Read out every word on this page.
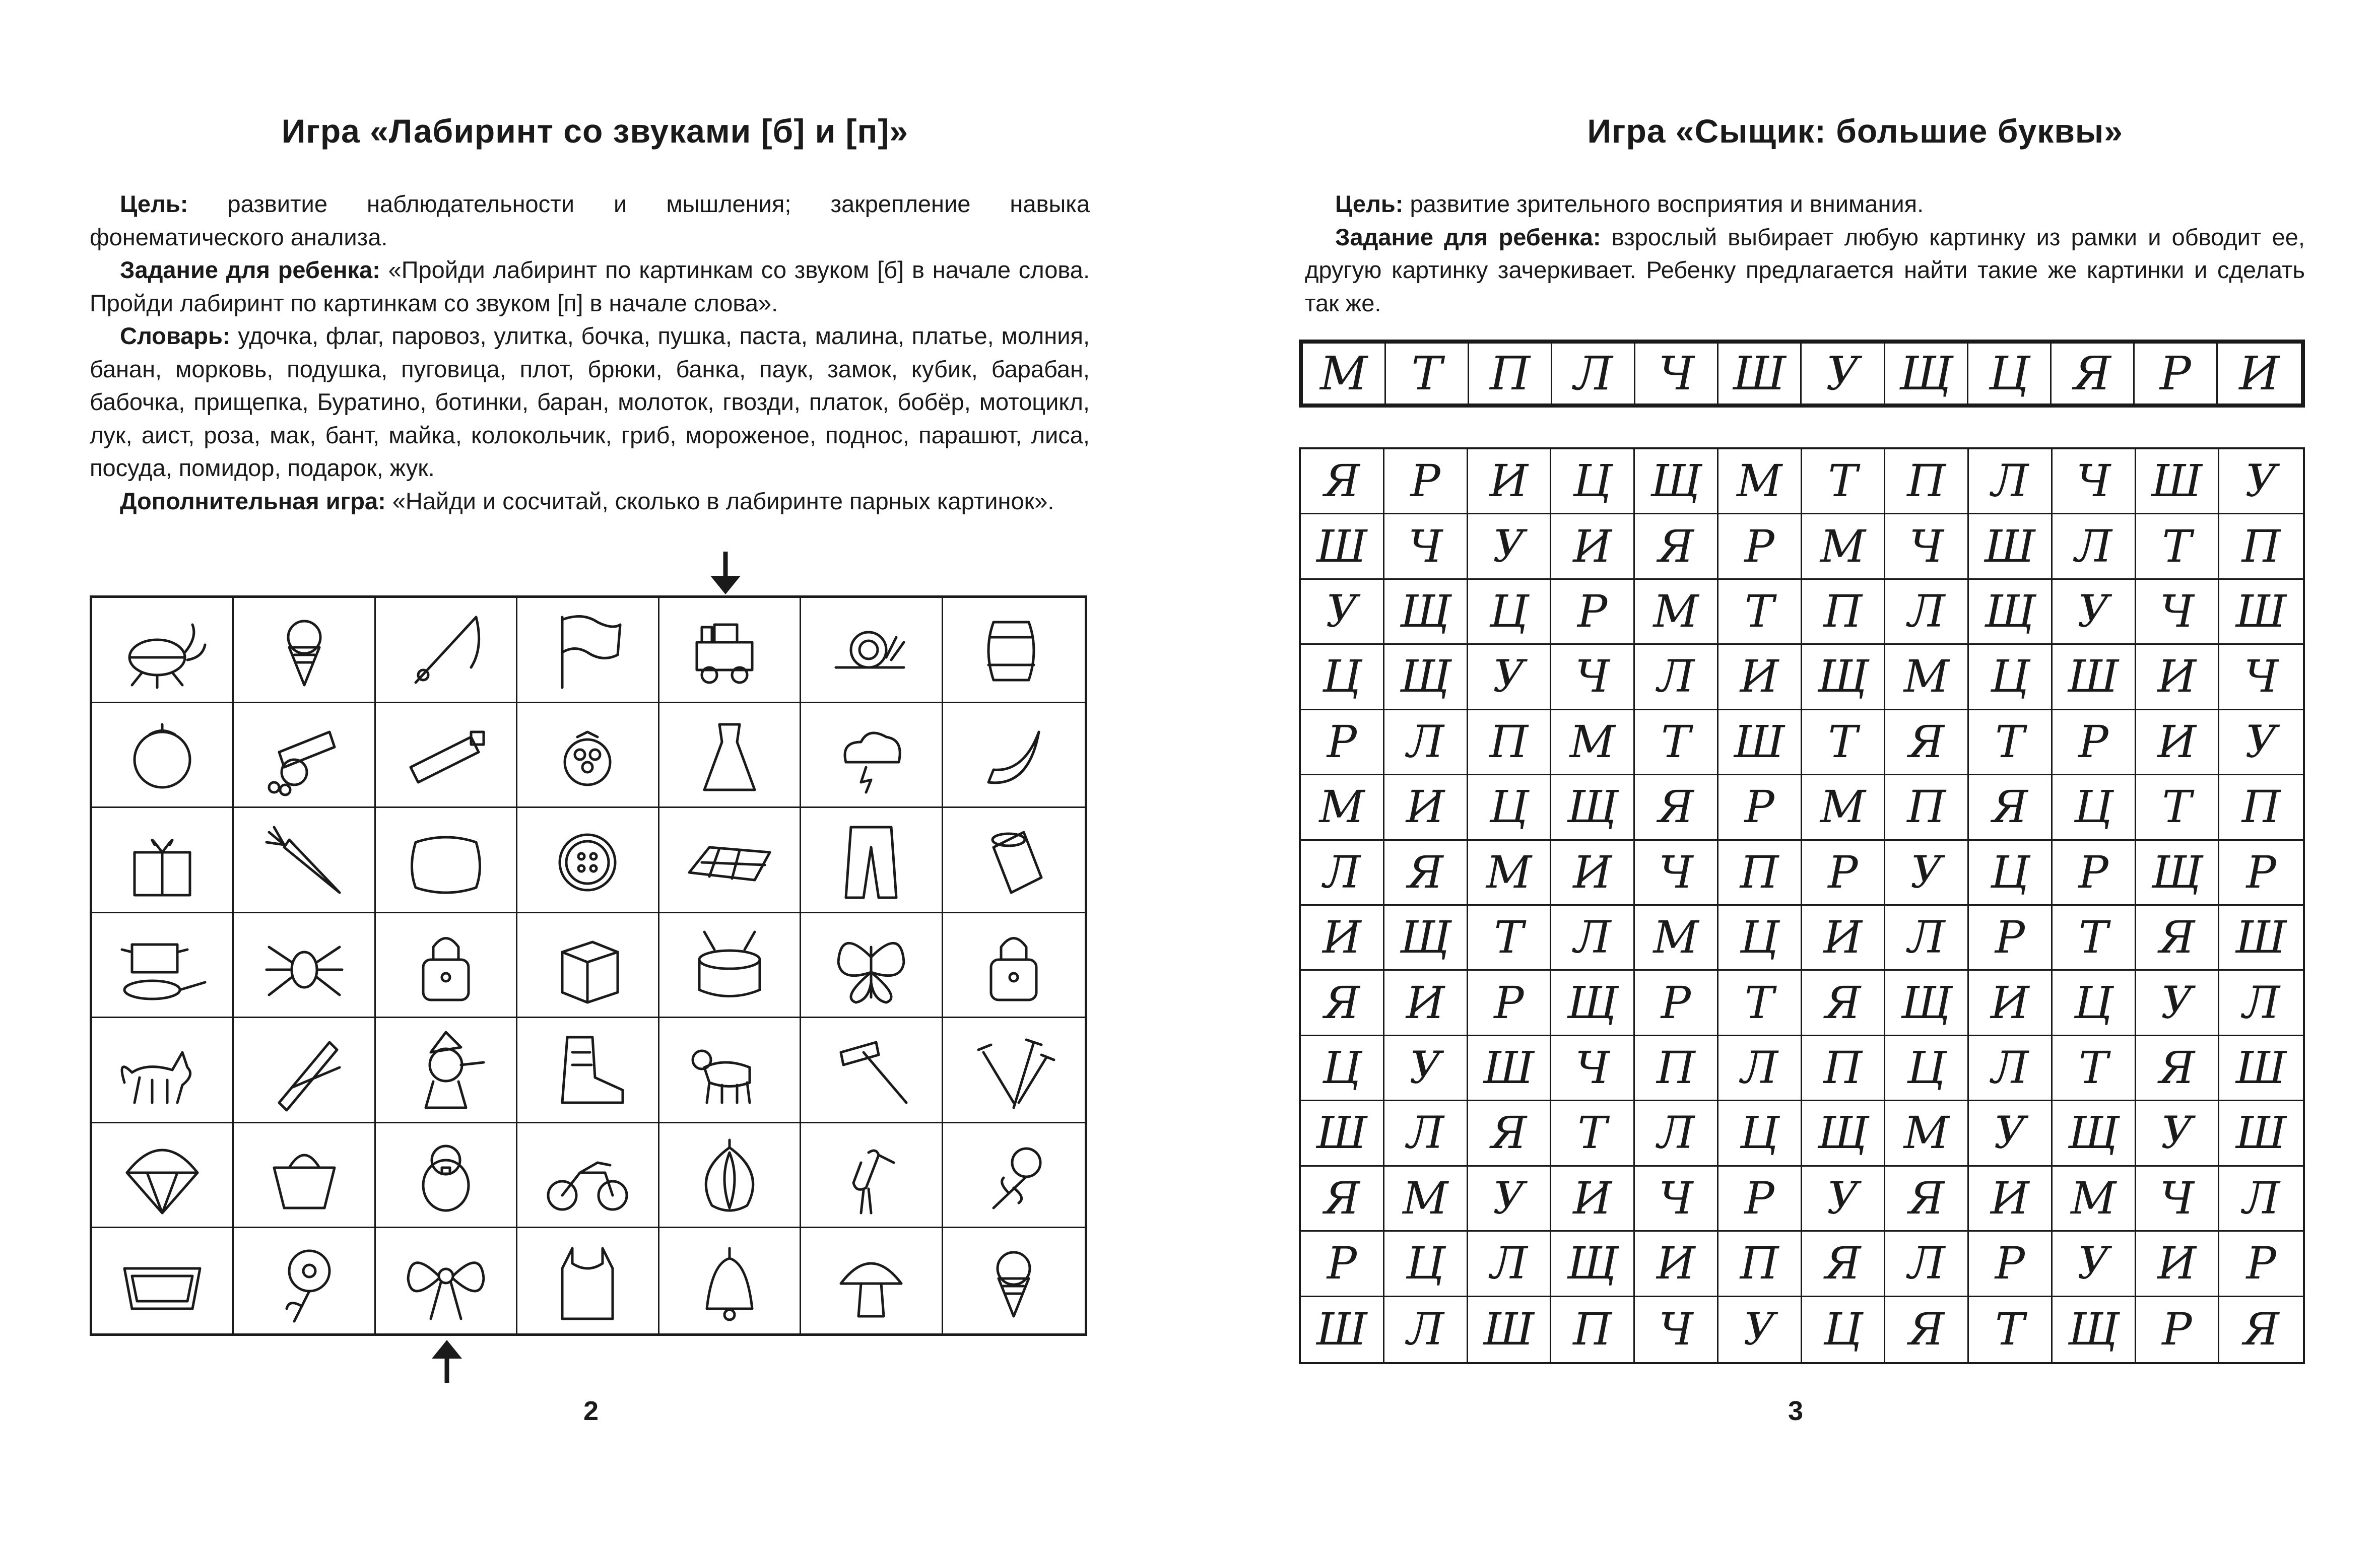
Игра «Лабиринт со звуками [б] и [п]»

Цель: развитие наблюдательности и мышления; закрепление навыка фонематического анализа.

Задание для ребенка: «Пройди лабиринт по картинкам со звуком [б] в начале слова. Пройди лабиринт по картинкам со звуком [п] в начале слова».

Словарь: удочка, флаг, паровоз, улитка, бочка, пушка, паста, малина, платье, молния, банан, морковь, подушка, пуговица, плот, брюки, банка, паук, замок, кубик, барабан, бабочка, прищепка, Буратино, ботинки, баран, молоток, гвозди, платок, бобёр, мотоцикл, лук, аист, роза, мак, бант, майка, колокольчик, гриб, мороженое, поднос, парашют, лиса, посуда, помидор, подарок, жук.

Дополнительная игра: «Найди и сосчитай, сколько в лабиринте парных картинок».

2
Игра «Сыщик: большие буквы»

Цель: развитие зрительного восприятия и внимания.

Задание для ребенка: взрослый выбирает любую картинку из рамки и обводит ее, другую картинку зачеркивает. Ребенку предлагается найти такие же картинки и сделать так же.

3
М Т	П Л Ч Ш У Щ Ц Я	Р	И
Я	Р	И	Ц Щ М	Т	П	Л	Ч Ш У
Ш Ч	У	И	Я	Р	М Ч Ш Л	Т	П
У Щ Ц	Р	М	Т	П	Л Щ У	Ч Ш
Ц Щ У	Ч	Л	И Щ М Ц Ш И	Ч
Р	Л	П М	Т Ш Т	Я	Т	Р	И	У
М И	Ц Щ Я	Р	М П	Я	Ц	Т	П
Л	Я М И	Ч	П	Р	У	Ц	Р Щ Р
И Щ Т	Л М Ц	И	Л	Р	Т	Я Ш
Я	И	Р Щ Р	Т	Я Щ И	Ц	У	Л
Ц	У Ш Ч	П	Л	П	Ц	Л	Т	Я Ш
Ш Л	Я	Т	Л	Ц Щ М	У Щ У Ш
Я М	У	И	Ч	Р	У	Я	И М Ч	Л
Р	Ц	Л Щ И	П	Я	Л	Р	У	И	Р
Ш Л Ш П	Ч	У	Ц	Я	Т Щ Р	Я
